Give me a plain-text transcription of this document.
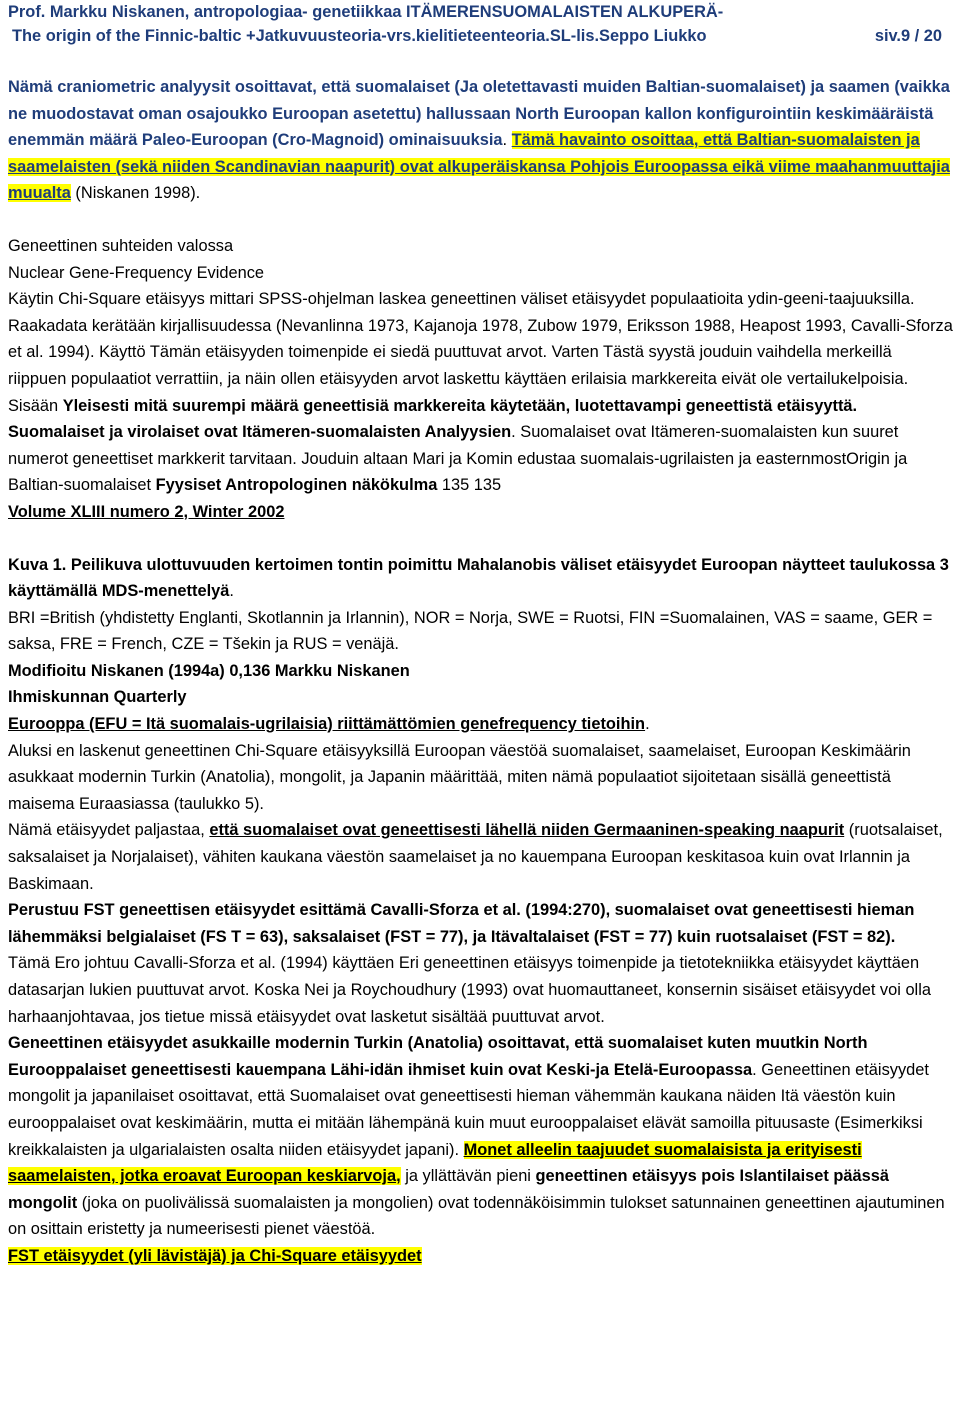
Prof. Markku Niskanen, antropologiaa- genetiikkaa ITÄMERENSUOMALAISTEN ALKUPERÄ-
The origin of the Finnic-baltic +Jatkuvuusteoria-vrs.kielitieteenteoria.SL-lis.Seppo Liukko	siv.9 / 20

Nämä craniometric analyysit osoittavat, että suomalaiset (Ja oletettavasti muiden Baltian-suomalaiset) ja saamen (vaikka ne muodostavat oman osajoukko Euroopan asetettu) hallussaan North Euroopan kallon konfigurointiin keskimääräistä enemmän määrä Paleo-Euroopan (Cro-Magnoid) ominaisuuksia. Tämä havainto osoittaa, että Baltian-suomalaisten ja saamelaisten (sekä niiden Scandinavian naapurit) ovat alkuperäiskansa Pohjois Euroopassa eikä viime maahanmuuttajia muualta (Niskanen 1998).

Geneettinen suhteiden valossa

Nuclear Gene-Frequency Evidence

Käytin Chi-Square etäisyys mittari SPSS-ohjelman laskea geneettinen väliset etäisyydet populaatioita ydin-geeni-taajuuksilla. Raakadata kerätään kirjallisuudessa (Nevanlinna 1973, Kajanoja 1978, Zubow 1979, Eriksson 1988, Heapost 1993, Cavalli-Sforza et al. 1994). Käyttö Tämän etäisyyden toimenpide ei siedä puuttuvat arvot. Varten Tästä syystä jouduin vaihdella merkeillä riippuen populaatiot verrattiin, ja näin ollen etäisyyden arvot laskettu käyttäen erilaisia markkereita eivät ole vertailukelpoisia. Sisään Yleisesti mitä suurempi määrä geneettisiä markkereita käytetään, luotettavampi geneettistä etäisyyttä. Suomalaiset ja virolaiset ovat Itämeren-suomalaisten Analyysien. Suomalaiset ovat Itämeren-suomalaisten kun suuret numerot geneettiset markkerit tarvitaan. Jouduin altaan Mari ja Komin edustaa suomalais-ugrilaisten ja easternmostOrigin ja Baltian-suomalaiset Fyysiset Antropologinen näkökulma 135 135

Volume XLIII numero 2, Winter 2002

Kuva 1. Peilikuva ulottuvuuden kertoimen tontin poimittu Mahalanobis väliset etäisyydet Euroopan näytteet taulukossa 3 käyttämällä MDS-menettelyä.

BRI =British (yhdistetty Englanti, Skotlannin ja Irlannin), NOR = Norja, SWE = Ruotsi, FIN =Suomalainen, VAS = saame, GER = saksa, FRE = French, CZE = Tšekin ja RUS = venäjä.

Modifioitu Niskanen (1994a) 0,136 Markku Niskanen

Ihmiskunnan Quarterly

Eurooppa (EFU = Itä suomalais-ugrilaisia) riittämättömien genefrequency tietoihin.

Aluksi en laskenut geneettinen Chi-Square etäisyyksillä Euroopan väestöä suomalaiset, saamelaiset, Euroopan Keskimäärin asukkaat modernin Turkin (Anatolia), mongolit, ja Japanin määrittää, miten nämä populaatiot sijoitetaan sisällä geneettistä maisema Euraasiassa (taulukko 5).

Nämä etäisyydet paljastaa, että suomalaiset ovat geneettisesti lähellä niiden Germaaninen-speaking naapurit (ruotsalaiset, saksalaiset ja Norjalaiset), vähiten kaukana väestön saamelaiset ja no kauempana Euroopan keskitasoa kuin ovat Irlannin ja Baskimaan.

Perustuu FST geneettisen etäisyydet esittämä Cavalli-Sforza et al. (1994:270), suomalaiset ovat geneettisesti hieman lähemmäksi belgialaiset (FS T = 63), saksalaiset (FST = 77), ja Itävaltalaiset (FST = 77) kuin ruotsalaiset (FST = 82).

Tämä Ero johtuu Cavalli-Sforza et al. (1994) käyttäen Eri geneettinen etäisyys toimenpide ja tietotekniikka etäisyydet käyttäen datasarjan lukien puuttuvat arvot. Koska Nei ja Roychoudhury (1993) ovat huomauttaneet, konsernin sisäiset etäisyydet voi olla harhaanjohtavaa, jos tietue missä etäisyydet ovat lasketut sisältää puuttuvat arvot.

Geneettinen etäisyydet asukkaille modernin Turkin (Anatolia) osoittavat, että suomalaiset kuten muutkin North Eurooppalaiset geneettisesti kauempana Lähi-idän ihmiset kuin ovat Keski-ja Etelä-Euroopassa. Geneettinen etäisyydet mongolit ja japanilaiset osoittavat, että Suomalaiset ovat geneettisesti hieman vähemmän kaukana näiden Itä väestön kuin eurooppalaiset ovat keskimäärin, mutta ei mitään lähempänä kuin muut eurooppalaiset elävät samoilla pituusaste (Esimerkiksi kreikkalaisten ja ulgarialaisten osalta niiden etäisyydet japani). Monet alleelin taajuudet suomalaisista ja erityisesti saamelaisten, jotka eroavat Euroopan keskiarvoja, ja yllättävän pieni geneettinen etäisyys pois Islantilaiset päässä mongolit (joka on puolivälissä suomalaisten ja mongolien) ovat todennäköisimmin tulokset satunnainen geneettinen ajautuminen on osittain eristetty ja numeerisesti pienet väestöä.

FST etäisyydet (yli lävistäjä) ja Chi-Square etäisyydet
